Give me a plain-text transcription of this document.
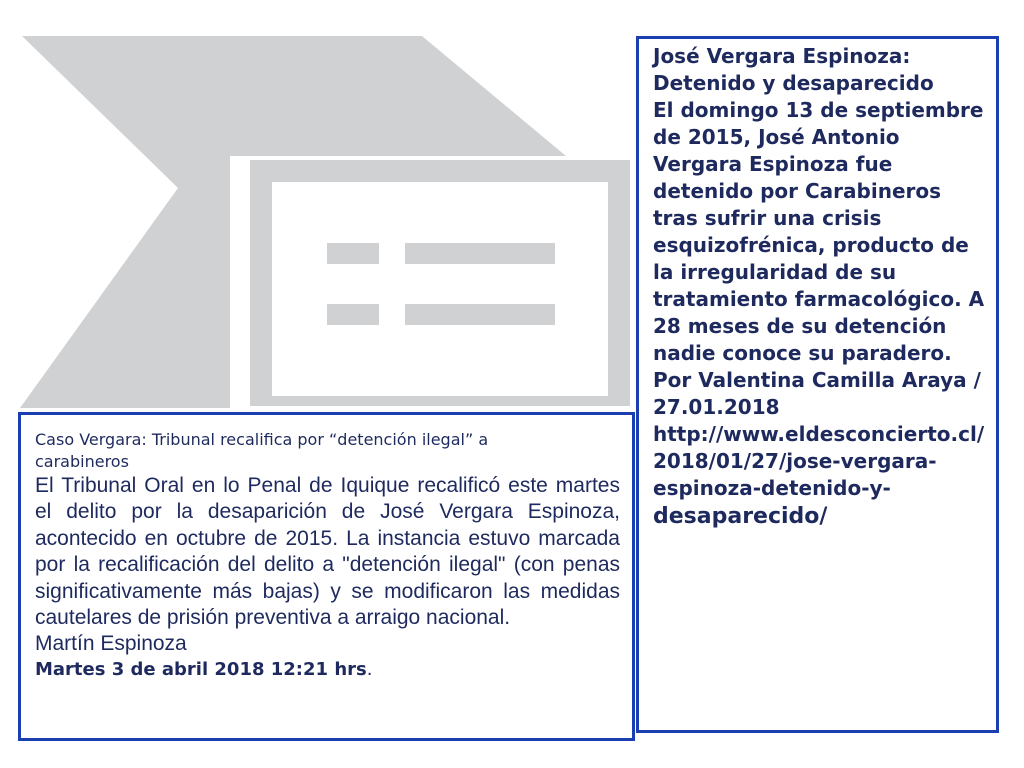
José Vergara Espinoza:

Detenido y desaparecido

El domingo 13 de septiembre de 2015, José Antonio Vergara Espinoza fue detenido por Carabineros tras sufrir una crisis esquizofrénica, producto de la irregularidad de su tratamiento farmacológico. A 28 meses de su detención nadie conoce su paradero.

Por Valentina Camilla Araya / 27.01.2018

http://www.eldesconcierto.cl/2018/01/27/jose-vergara-espinoza-detenido-y-

desaparecido/

Caso Vergara: Tribunal recalifica por “detención ilegal” a carabineros

El Tribunal Oral en lo Penal de Iquique recalificó este martes el delito por la desaparición de José Vergara Espinoza, acontecido en octubre de 2015. La instancia estuvo marcada por la recalificación del delito a "detención ilegal" (con penas significativamente más bajas) y se modificaron las medidas cautelares de prisión preventiva a arraigo nacional.

Martín Espinoza

Martes 3 de abril 2018 12:21 hrs.
